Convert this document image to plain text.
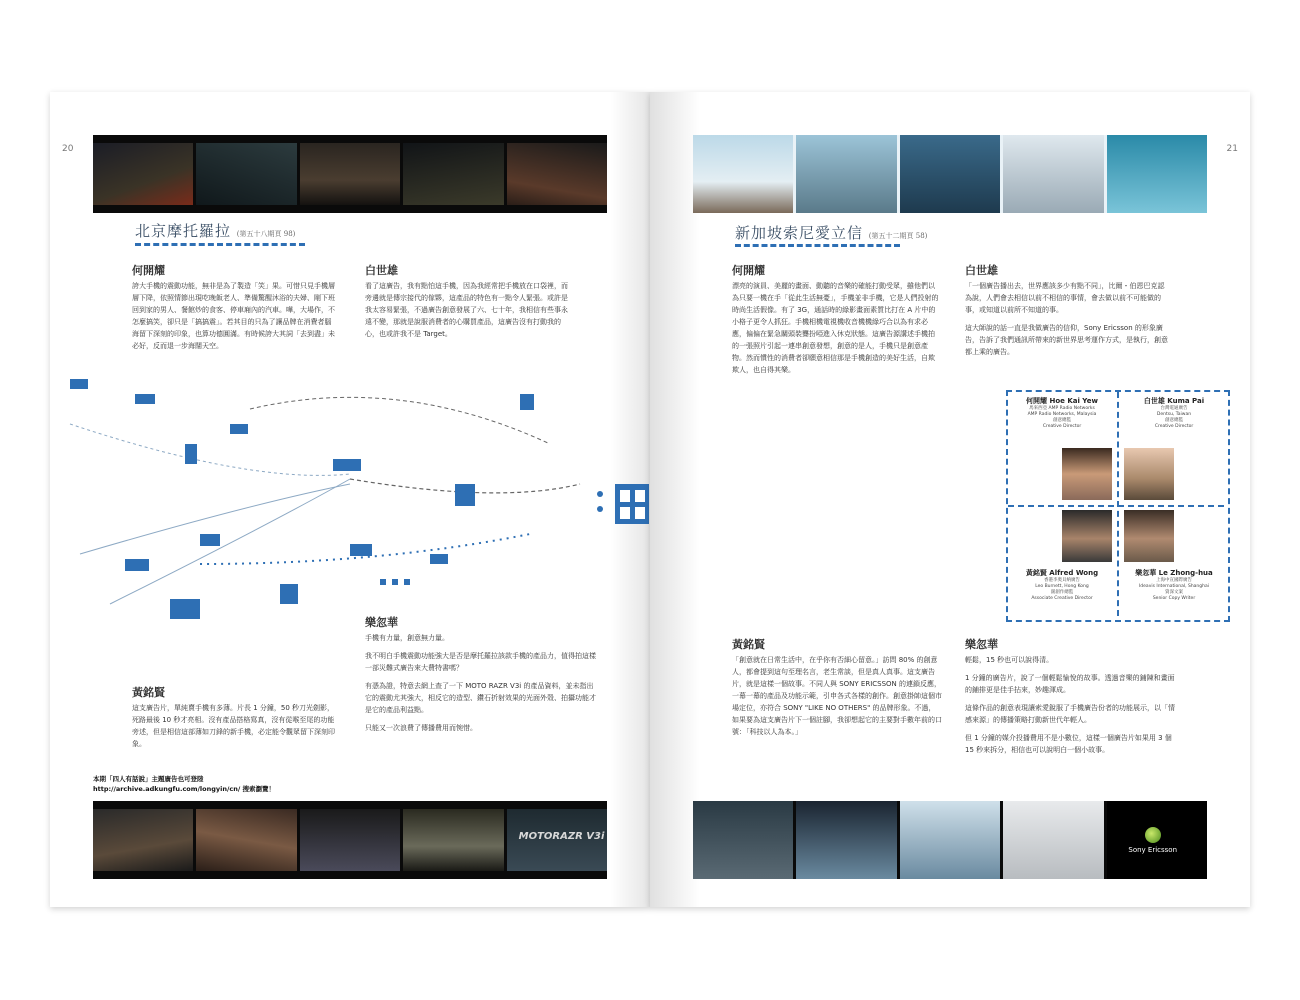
20
北京摩托羅拉 (第五十八期頁 98)
何開耀
誇大手機的震動功能，無非是為了製造「笑」果。可惜只見手機層層下降，依照情節出現吃晚飯老人、準備驚醒沐浴的夫婦、剛下班回到家的男人、餐館炒的食客、停車廂內的汽車。嘩，大場作，不怎麼搞笑，卻只是「搞搞震」。若其目的只為了讓品牌在消費者腦海留下深刻的印象，也算功德圓滿。有時候誇大其詞「去到盡」未必好，反而退一步海闊天空。
白世雄
看了這廣告，我有點怕這手機，因為我經常把手機放在口袋裡，而旁邊就是傳宗接代的傢夥，這產品的特色有一點令人緊張。或許是我太容易緊張，不過廣告創意發展了六、七十年，我相信有些事永遠不變，那就是說服消費者的心購買產品，這廣告沒有打動我的心，也或許我不是 Target。
樂忽華

手機有力量，創意無力量。

我不明白手機震動功能強大是否是摩托羅拉該款手機的產品力，值得拍這樣一部災難式廣告來大費特書嗎？

有憑為證，特意去網上查了一下 MOTO RAZR V3i 的產品資料，並未指出它的震動尤其強大，相反它的造型、鑽石折射效果的光面外殼、拍攝功能才是它的產品利益點。

只能又一次浪費了傳播費用而惋惜。

黃銘賢
這支廣告片，單純賣手機有多薄。片長 1 分鐘，50 秒刀光劍影，死路最後 10 秒才亮相。沒有產品搭格寫真，沒有從喉至尾的功能旁述，但是相信這部薄如刀鋒的新手機，必定能令觀眾留下深刻印象。
本期「四人有話說」主題廣告也可登陸
http://archive.adkungfu.com/longyin/cn/ 搜索瀏覽！
MOTORAZR V3i
21
新加坡索尼愛立信 (第五十二期頁 58)
何開耀
漂亮的演員、美麗的畫面、動聽的音樂的確能打動受眾，雖他們以為只要一機在手「從此生活無憂」，手機並非手機，它是人們投射的時尚生活假像。有了 3G，通話時的綠影畫面素質比打在 A 片中的小格子更令人抓狂。手機相機電視機收音機機綠巧合以為有求必應，偏偏在緊急關頭裝聾扮啞進入休克狀態。這廣告源講述手機拍的一張照片引起一連串創意發想，創意的是人，手機只是創意產物。然而慣性的消費者卻願意相信那是手機創造的美好生活，自欺欺人，也自得其樂。
白世雄

「一個廣告播出去，世界應該多少有點不同」，比爾・伯恩巴克認為說，人們會去相信以前不相信的事情，會去做以前不可能做的事，或知道以前所不知道的事。

這大師說的話一直是我做廣告的信仰，Sony Ericsson 的形象廣告，告訴了我們通訊所帶來的新世界思考運作方式，是執行，創意都上乘的廣告。

何開耀 Hoe Kai Yew
馬來西亞 AMP Radio Networks
AMP Radio Networks, Malaysia
創意總監
Creative Director
白世雄 Kuma Pai
台灣電通廣告
Dentsu, Taiwan
創意總監
Creative Director
黃銘賢 Alfred Wong
香港李奧貝納廣告
Leo Burnett, Hong Kong
副創作總監
Associate Creative Director
樂忽華 Le Zhong-hua
上海中宣國際廣告
Ideavis International, Shanghai
資深文案
Senior Copy Writer
黃銘賢
「創意就在日常生活中，在乎你有否細心留意。」訪問 80% 的創意人，都會提到這句至理名言，老生常談，但是真人真事。這支廣告片，就是這樣一個故事。不同人與 SONY ERICSSON 的連鎖反應，一幕一幕的產品及功能示範，引申各式各樣的創作。創意掛帥這個市場定位，亦符合 SONY "LIKE NO OTHERS" 的品牌形象。不過，如果要為這支廣告片下一個註腳，我卻想起它的主要對手數年前的口號：「科技以人為本。」
樂忽華

輕鬆，15 秒也可以說得清。

1 分鐘的廣告片，說了一個輕鬆愉悅的故事。透過音樂的鋪陳和畫面的鋪排更是佳手拈來，妙趣渾成。

這條作品的創意表現讓索愛銳服了手機廣告份者的功能展示，以「情感來源」的傳播策略打動新世代年輕人。

但 1 分鐘的媒介投播費用不是小數位，這樣一個廣告片如果用 3 個 15 秒來拆分，相信也可以說明白一個小故事。

Sony Ericsson
